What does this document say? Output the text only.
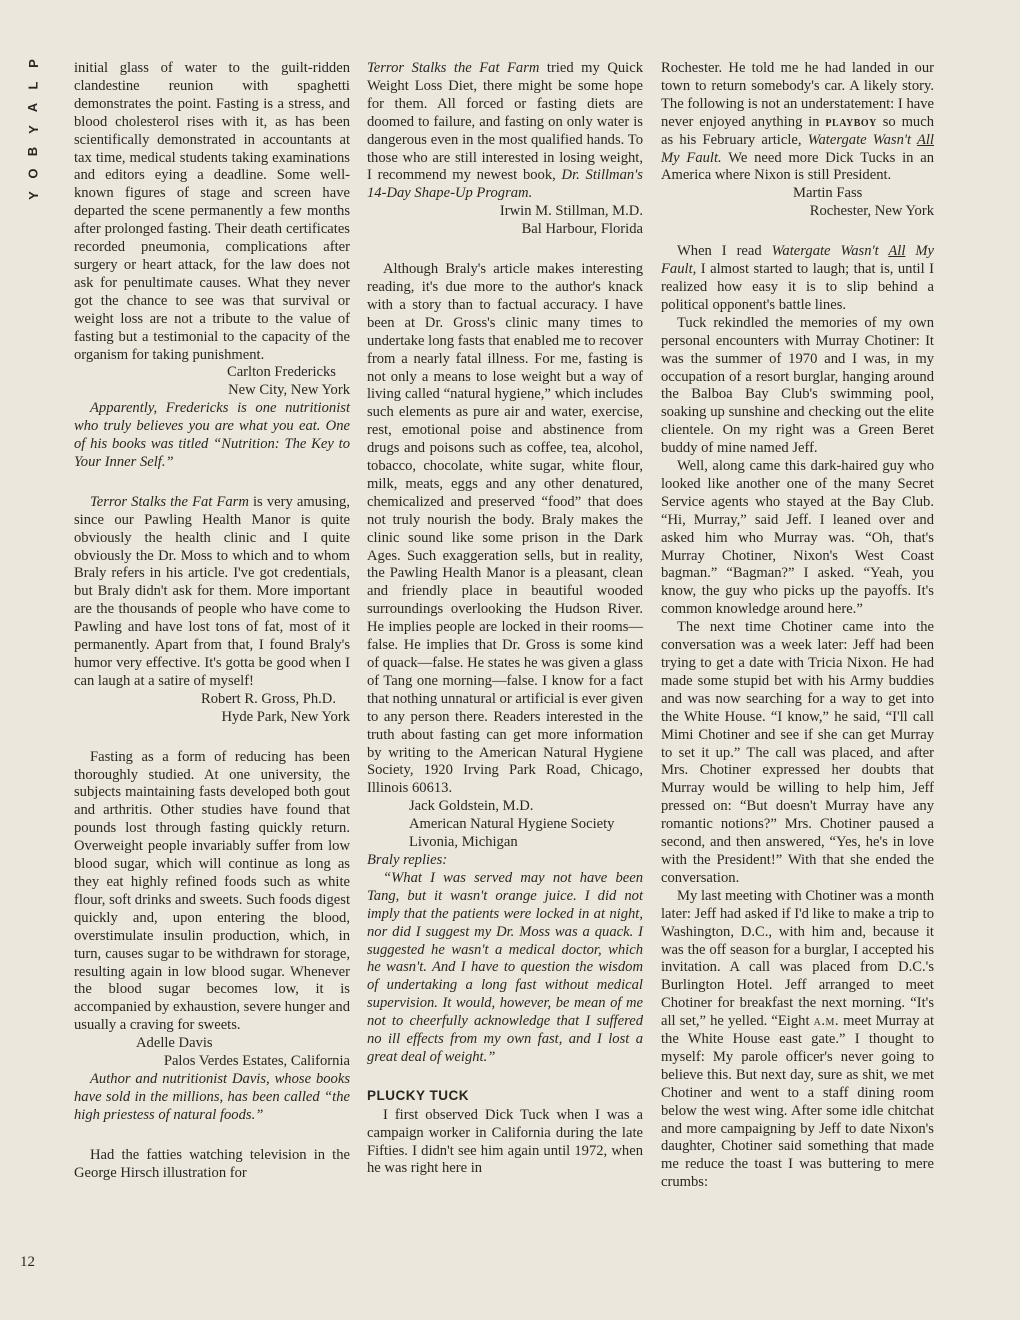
P
L
A
Y
B
O
Y
12

initial glass of water to the guilt-ridden clandestine reunion with spaghetti demonstrates the point. Fasting is a stress, and blood cholesterol rises with it, as has been scientifically demonstrated in accountants at tax time, medical students taking examinations and editors eying a deadline. Some well-known figures of stage and screen have departed the scene permanently a few months after prolonged fasting. Their death certificates recorded pneumonia, complications after surgery or heart attack, for the law does not ask for penultimate causes. What they never got the chance to see was that survival or weight loss are not a tribute to the value of fasting but a testimonial to the capacity of the organism for taking punishment.

Carlton Fredericks

New City, New York

Apparently, Fredericks is one nutritionist who truly believes you are what you eat. One of his books was titled “Nutrition: The Key to Your Inner Self.”

Terror Stalks the Fat Farm is very amusing, since our Pawling Health Manor is quite obviously the health clinic and I quite obviously the Dr. Moss to which and to whom Braly refers in his article. I've got credentials, but Braly didn't ask for them. More important are the thousands of people who have come to Pawling and have lost tons of fat, most of it permanently. Apart from that, I found Braly's humor very effective. It's gotta be good when I can laugh at a satire of myself!

Robert R. Gross, Ph.D.

Hyde Park, New York

Fasting as a form of reducing has been thoroughly studied. At one university, the subjects maintaining fasts developed both gout and arthritis. Other studies have found that pounds lost through fasting quickly return. Overweight people invariably suffer from low blood sugar, which will continue as long as they eat highly refined foods such as white flour, soft drinks and sweets. Such foods digest quickly and, upon entering the blood, overstimulate insulin production, which, in turn, causes sugar to be withdrawn for storage, resulting again in low blood sugar. Whenever the blood sugar becomes low, it is accompanied by exhaustion, severe hunger and usually a craving for sweets.

Adelle Davis

Palos Verdes Estates, California

Author and nutritionist Davis, whose books have sold in the millions, has been called “the high priestess of natural foods.”

Had the fatties watching television in the George Hirsch illustration for

Terror Stalks the Fat Farm tried my Quick Weight Loss Diet, there might be some hope for them. All forced or fasting diets are doomed to failure, and fasting on only water is dangerous even in the most qualified hands. To those who are still interested in losing weight, I recommend my newest book, Dr. Stillman's 14-Day Shape-Up Program.

Irwin M. Stillman, M.D.

Bal Harbour, Florida

Although Braly's article makes interesting reading, it's due more to the author's knack with a story than to factual accuracy. I have been at Dr. Gross's clinic many times to undertake long fasts that enabled me to recover from a nearly fatal illness. For me, fasting is not only a means to lose weight but a way of living called “natural hygiene,” which includes such elements as pure air and water, exercise, rest, emotional poise and abstinence from drugs and poisons such as coffee, tea, alcohol, tobacco, chocolate, white sugar, white flour, milk, meats, eggs and any other denatured, chemicalized and preserved “food” that does not truly nourish the body. Braly makes the clinic sound like some prison in the Dark Ages. Such exaggeration sells, but in reality, the Pawling Health Manor is a pleasant, clean and friendly place in beautiful wooded surroundings overlooking the Hudson River. He implies people are locked in their rooms—false. He implies that Dr. Gross is some kind of quack—false. He states he was given a glass of Tang one morning—false. I know for a fact that nothing unnatural or artificial is ever given to any person there. Readers interested in the truth about fasting can get more information by writing to the American Natural Hygiene Society, 1920 Irving Park Road, Chicago, Illinois 60613.

Jack Goldstein, M.D.

American Natural Hygiene Society

Livonia, Michigan

Braly replies:

“What I was served may not have been Tang, but it wasn't orange juice. I did not imply that the patients were locked in at night, nor did I suggest my Dr. Moss was a quack. I suggested he wasn't a medical doctor, which he wasn't. And I have to question the wisdom of undertaking a long fast without medical supervision. It would, however, be mean of me not to cheerfully acknowledge that I suffered no ill effects from my own fast, and I lost a great deal of weight.”

PLUCKY TUCK

I first observed Dick Tuck when I was a campaign worker in California during the late Fifties. I didn't see him again until 1972, when he was right here in

Rochester. He told me he had landed in our town to return somebody's car. A likely story. The following is not an understatement: I have never enjoyed anything in playboy so much as his February article, Watergate Wasn't All My Fault. We need more Dick Tucks in an America where Nixon is still President.

Martin Fass

Rochester, New York

When I read Watergate Wasn't All My Fault, I almost started to laugh; that is, until I realized how easy it is to slip behind a political opponent's battle lines.

Tuck rekindled the memories of my own personal encounters with Murray Chotiner: It was the summer of 1970 and I was, in my occupation of a resort burglar, hanging around the Balboa Bay Club's swimming pool, soaking up sunshine and checking out the elite clientele. On my right was a Green Beret buddy of mine named Jeff.

Well, along came this dark-haired guy who looked like another one of the many Secret Service agents who stayed at the Bay Club. “Hi, Murray,” said Jeff. I leaned over and asked him who Murray was. “Oh, that's Murray Chotiner, Nixon's West Coast bagman.” “Bagman?” I asked. “Yeah, you know, the guy who picks up the payoffs. It's common knowledge around here.”

The next time Chotiner came into the conversation was a week later: Jeff had been trying to get a date with Tricia Nixon. He had made some stupid bet with his Army buddies and was now searching for a way to get into the White House. “I know,” he said, “I'll call Mimi Chotiner and see if she can get Murray to set it up.” The call was placed, and after Mrs. Chotiner expressed her doubts that Murray would be willing to help him, Jeff pressed on: “But doesn't Murray have any romantic notions?” Mrs. Chotiner paused a second, and then answered, “Yes, he's in love with the President!” With that she ended the conversation.

My last meeting with Chotiner was a month later: Jeff had asked if I'd like to make a trip to Washington, D.C., with him and, because it was the off season for a burglar, I accepted his invitation. A call was placed from D.C.'s Burlington Hotel. Jeff arranged to meet Chotiner for breakfast the next morning. “It's all set,” he yelled. “Eight a.m. meet Murray at the White House east gate.” I thought to myself: My parole officer's never going to believe this. But next day, sure as shit, we met Chotiner and went to a staff dining room below the west wing. After some idle chitchat and more campaigning by Jeff to date Nixon's daughter, Chotiner said something that made me reduce the toast I was buttering to mere crumbs:
